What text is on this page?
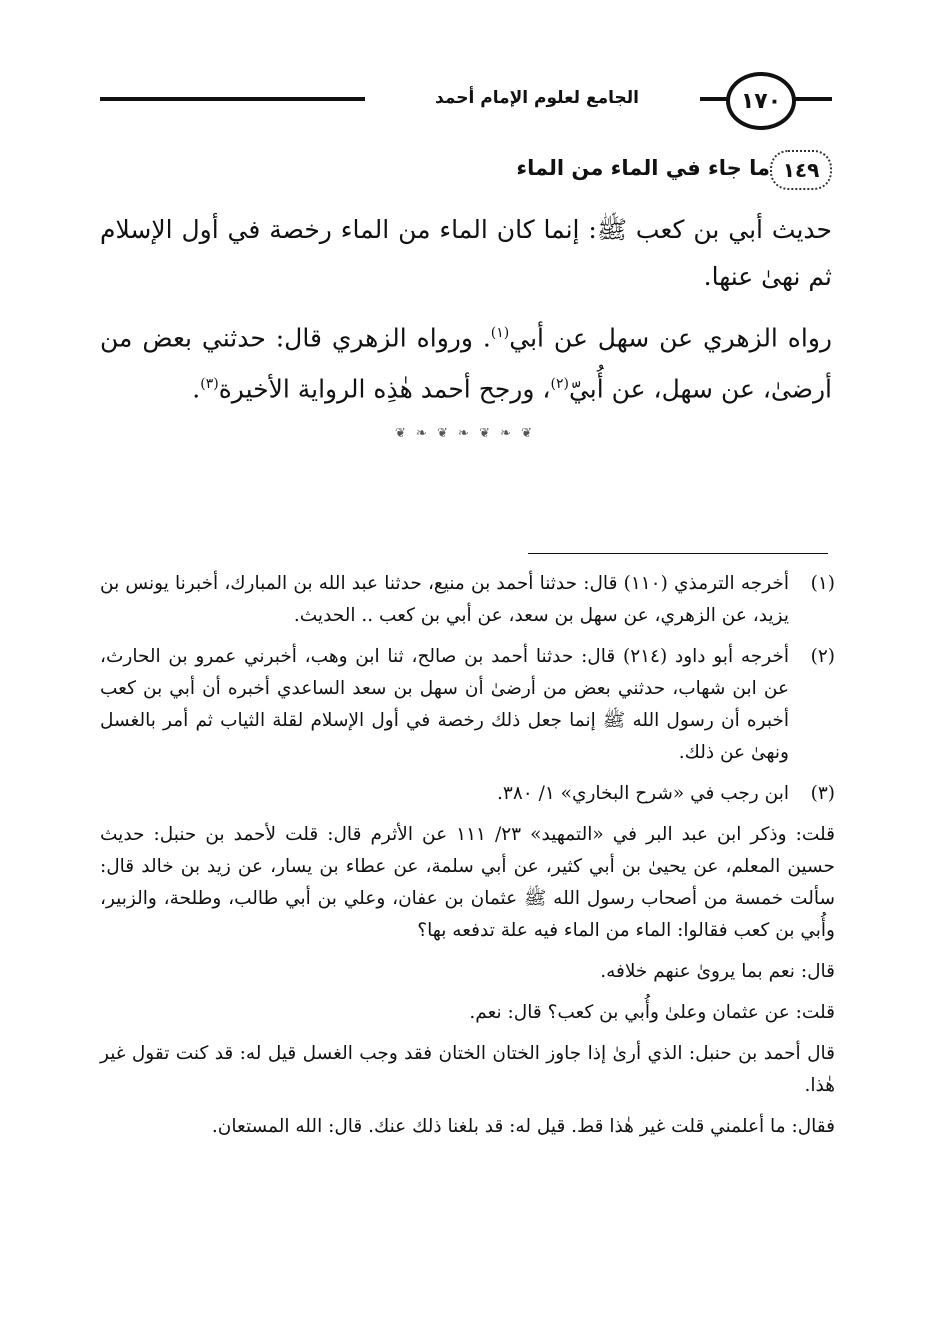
الجامع لعلوم الإمام أحمد	١٧٠
١٤٩
ما جاء في الماء من الماء

حديث أبي بن كعب ﷺ: إنما كان الماء من الماء رخصة في أول الإسلام ثم نهىٰ عنها.

رواه الزهري عن سهل عن أبي$^{(١)}$. ورواه الزهري قال: حدثني بعض من أرضىٰ، عن سهل، عن أُبيّ$^{(٢)}$، ورجح أحمد هٰذِه الرواية الأخيرة$^{(٣)}$.

❦ ❧ ❦ ❧ ❦ ❧ ❦
(١)
أخرجه الترمذي (١١٠) قال: حدثنا أحمد بن منيع، حدثنا عبد الله بن المبارك، أخبرنا يونس بن يزيد، عن الزهري، عن سهل بن سعد، عن أبي بن كعب .. الحديث.
(٢)
أخرجه أبو داود (٢١٤) قال: حدثنا أحمد بن صالح، ثنا ابن وهب، أخبرني عمرو بن الحارث، عن ابن شهاب، حدثني بعض من أرضىٰ أن سهل بن سعد الساعدي أخبره أن أبي بن كعب أخبره أن رسول الله ﷺ إنما جعل ذلك رخصة في أول الإسلام لقلة الثياب ثم أمر بالغسل ونهىٰ عن ذلك.
(٣)
ابن رجب في «شرح البخاري» ١/ ٣٨٠.

قلت: وذكر ابن عبد البر في «التمهيد» ٢٣/ ١١١ عن الأثرم قال: قلت لأحمد بن حنبل: حديث حسين المعلم، عن يحيىٰ بن أبي كثير، عن أبي سلمة، عن عطاء بن يسار، عن زيد بن خالد قال: سألت خمسة من أصحاب رسول الله ﷺ عثمان بن عفان، وعلي بن أبي طالب، وطلحة، والزبير، وأُبي بن كعب فقالوا: الماء من الماء فيه علة تدفعه بها؟

قال: نعم بما يروىٰ عنهم خلافه.

قلت: عن عثمان وعلىٰ وأُبي بن كعب؟ قال: نعم.

قال أحمد بن حنبل: الذي أرىٰ إذا جاوز الختان الختان فقد وجب الغسل قيل له: قد كنت تقول غير هٰذا.

فقال: ما أعلمني قلت غير هٰذا قط. قيل له: قد بلغنا ذلك عنك. قال: الله المستعان.
